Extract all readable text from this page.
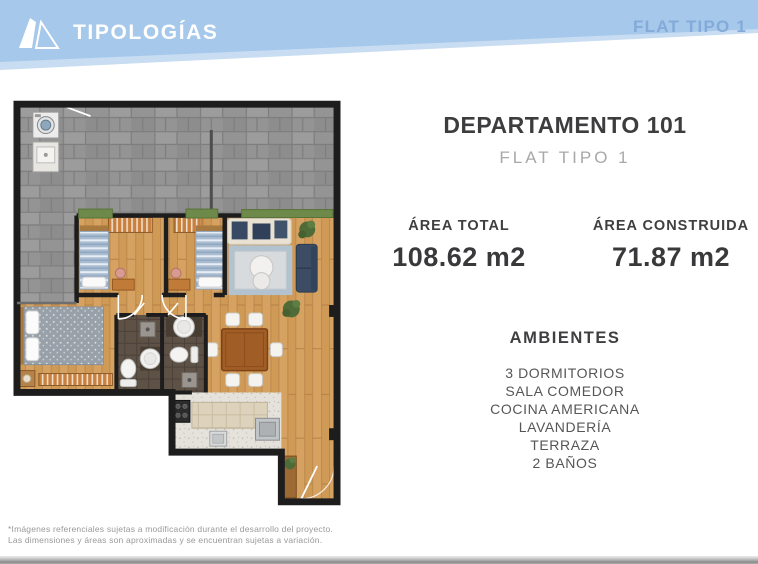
TIPOLOGÍAS	FLAT TIPO 1
DEPARTAMENTO 101
FLAT TIPO 1
ÁREA TOTAL
108.62 m2
ÁREA CONSTRUIDA
71.87 m2
AMBIENTES
3 DORMITORIOS
SALA COMEDOR
COCINA AMERICANA
LAVANDERÍA
TERRAZA
2 BAÑOS
*Imágenes referenciales sujetas a modificación durante el desarrollo del proyecto.
Las dimensiones y áreas son aproximadas y se encuentran sujetas a variación.
